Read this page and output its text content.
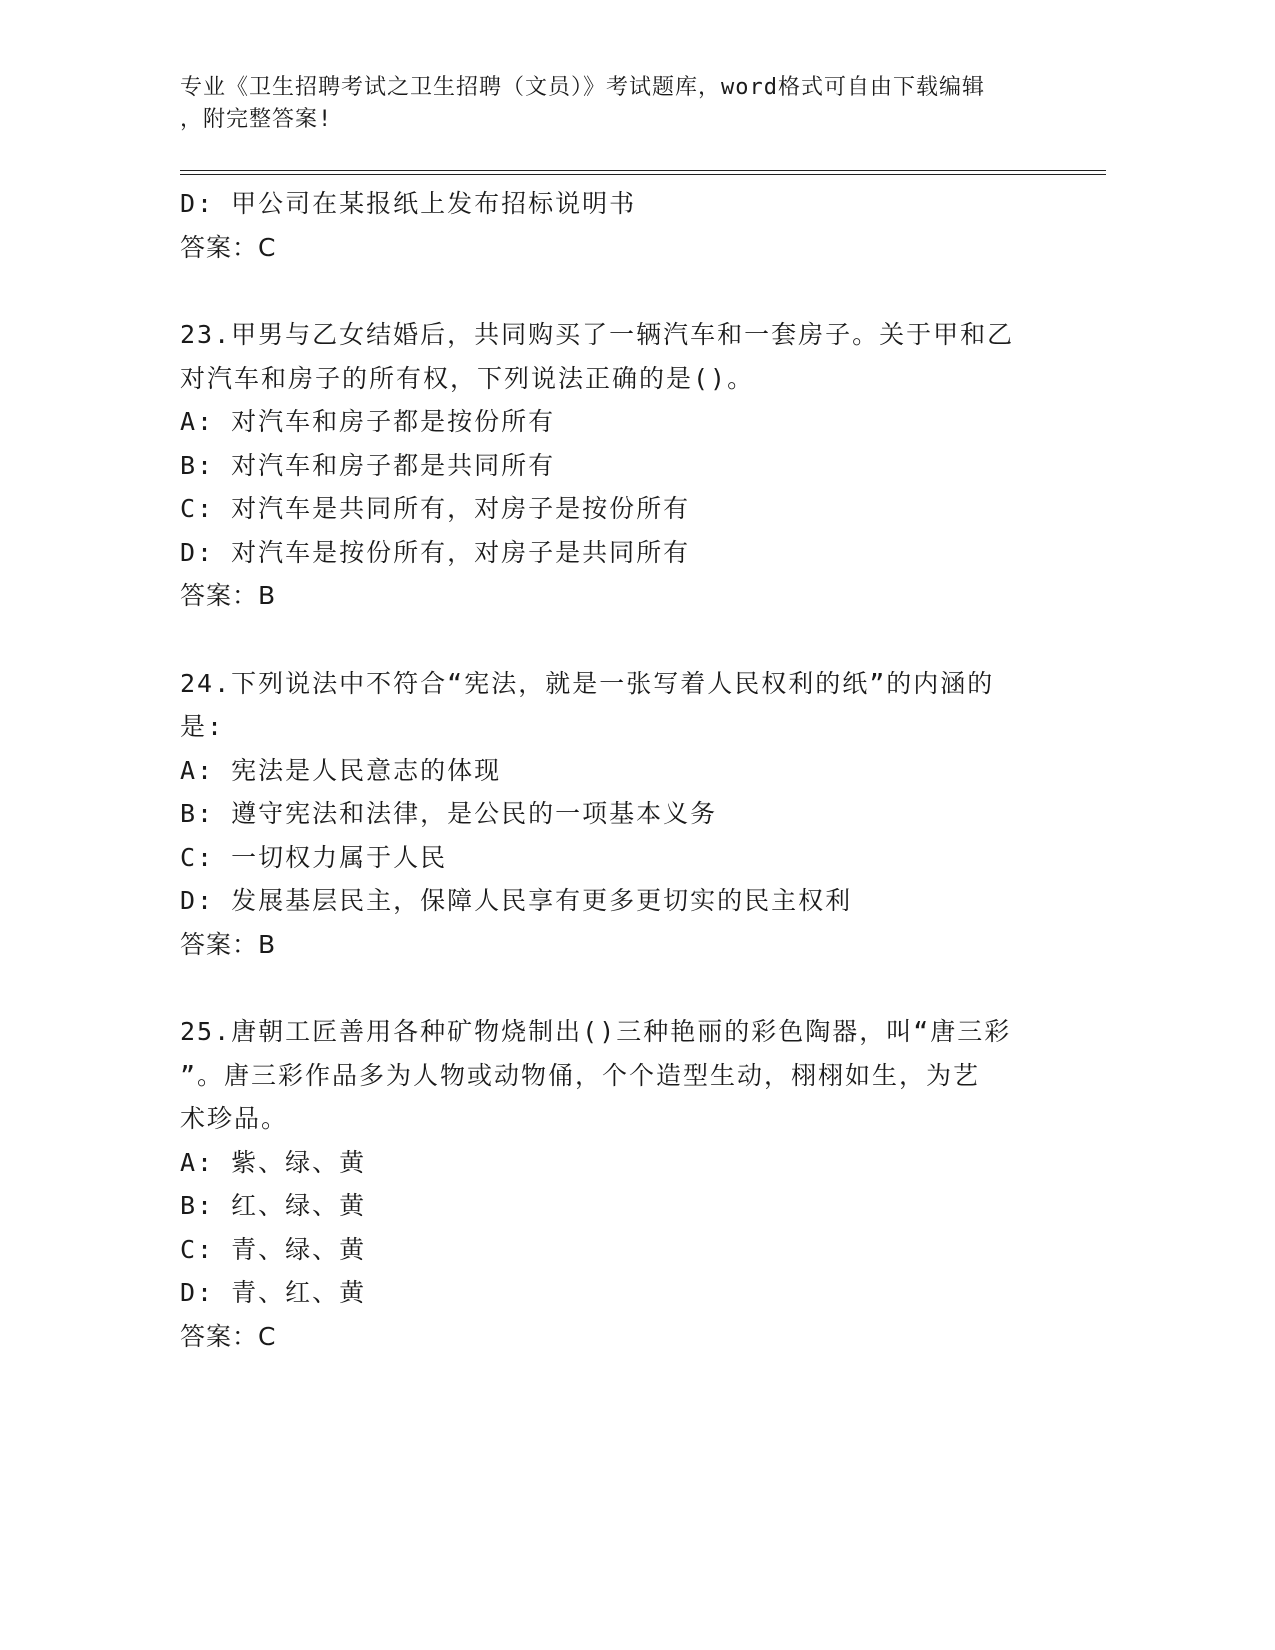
专业《卫生招聘考试之卫生招聘（文员）》考试题库，word格式可自由下载编辑
，附完整答案!
D: 甲公司在某报纸上发布招标说明书
答案：C
23.甲男与乙女结婚后，共同购买了一辆汽车和一套房子。关于甲和乙
对汽车和房子的所有权，下列说法正确的是()。
A: 对汽车和房子都是按份所有
B: 对汽车和房子都是共同所有
C: 对汽车是共同所有，对房子是按份所有
D: 对汽车是按份所有，对房子是共同所有
答案：B
24.下列说法中不符合“宪法，就是一张写着人民权利的纸”的内涵的
是:
A: 宪法是人民意志的体现
B: 遵守宪法和法律，是公民的一项基本义务
C: 一切权力属于人民
D: 发展基层民主，保障人民享有更多更切实的民主权利
答案：B
25.唐朝工匠善用各种矿物烧制出()三种艳丽的彩色陶器，叫“唐三彩
”。唐三彩作品多为人物或动物俑，个个造型生动，栩栩如生，为艺
术珍品。
A: 紫、绿、黄
B: 红、绿、黄
C: 青、绿、黄
D: 青、红、黄
答案：C
